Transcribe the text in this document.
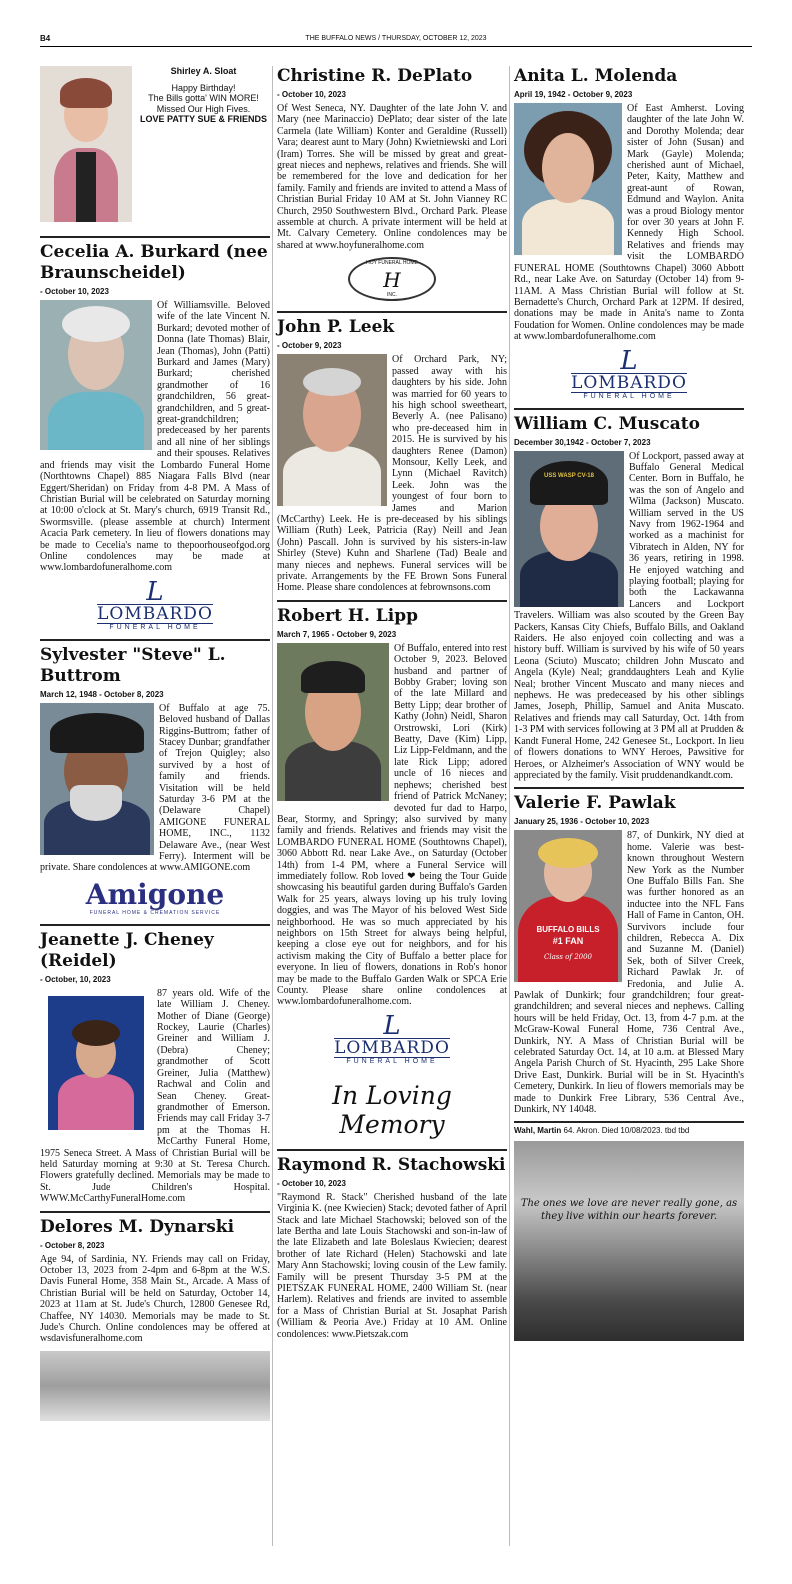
B4	THE BUFFALO NEWS / THURSDAY, OCTOBER 12, 2023
Shirley A. Sloat
Happy Birthday!
The Bills gotta' WIN MORE!
Missed Our High Fives.
LOVE PATTY SUE & FRIENDS
Cecelia A. Burkard (nee Braunscheidel)
- October 10, 2023

Of Williamsville. Beloved wife of the late Vincent N. Burkard; devoted mother of Donna (late Thomas) Blair, Jean (Thomas), John (Patti) Burkard and James (Mary) Burkard; cherished grandmother of 16 grandchildren, 56 great-grandchildren, and 5 great-great-grandchildren; predeceased by her parents and all nine of her siblings and their spouses. Relatives and friends may visit the Lombardo Funeral Home (Northtowns Chapel) 885 Niagara Falls Blvd (near Eggert/Sheridan) on Friday from 4-8 PM. A Mass of Christian Burial will be celebrated on Saturday morning at 10:00 o'clock at St. Mary's church, 6919 Transit Rd., Swormsville. (please assemble at church) Interment Acacia Park cemetery. In lieu of flowers donations may be made to Cecelia's name to thepoorhouseofgod.org Online condolences may be made at www.lombardofuneralhome.com

L
LOMBARDO
FUNERAL HOME
Sylvester "Steve" L. Buttrom
March 12, 1948 - October 8, 2023

Of Buffalo at age 75. Beloved husband of Dallas Riggins-Buttrom; father of Stacey Dunbar; grandfather of Trejon Quigley; also survived by a host of family and friends. Visitation will be held Saturday 3-6 PM at the (Delaware Chapel) AMIGONE FUNERAL HOME, INC., 1132 Delaware Ave., (near West Ferry). Interment will be private. Share condolences at www.AMIGONE.com

Amigone
FUNERAL HOME & CREMATION SERVICE
Jeanette J. Cheney (Reidel)
- October, 10, 2023

87 years old. Wife of the late William J. Cheney. Mother of Diane (George) Rockey, Laurie (Charles) Greiner and William J. (Debra) Cheney; grandmother of Scott Greiner, Julia (Matthew) Rachwal and Colin and Sean Cheney. Great-grandmother of Emerson. Friends may call Friday 3-7 pm at the Thomas H. McCarthy Funeral Home, 1975 Seneca Street. A Mass of Christian Burial will be held Saturday morning at 9:30 at St. Teresa Church. Flowers gratefully declined. Memorials may be made to St. Jude Children's Hospital. WWW.McCarthyFuneralHome.com

Delores M. Dynarski
- October 8, 2023

Age 94, of Sardinia, NY. Friends may call on Friday, October 13, 2023 from 2-4pm and 6-8pm at the W.S. Davis Funeral Home, 358 Main St., Arcade. A Mass of Christian Burial will be held on Saturday, October 14, 2023 at 11am at St. Jude's Church, 12800 Genesee Rd, Chaffee, NY 14030. Memorials may be made to St. Jude's Church. Online condolences may be offered at wsdavisfuneralhome.com

Christine R. DePlato
- October 10, 2023

Of West Seneca, NY. Daughter of the late John V. and Mary (nee Marinaccio) DePlato; dear sister of the late Carmela (late William) Konter and Geraldine (Russell) Vara; dearest aunt to Mary (John) Kwietniewski and Lori (Iram) Torres. She will be missed by great and great-great nieces and nephews, relatives and friends. She will be remembered for the love and dedication for her family. Family and friends are invited to attend a Mass of Christian Burial Friday 10 AM at St. John Vianney RC Church, 2950 Southwestern Blvd., Orchard Park. Please assemble at church. A private interment will be held at Mt. Calvary Cemetery. Online condolences may be shared at www.hoyfuneralhome.com

HOY FUNERAL HOME
H
INC.
John P. Leek
- October 9, 2023

Of Orchard Park, NY; passed away with his daughters by his side. John was married for 60 years to his high school sweetheart, Beverly A. (nee Palisano) who pre-deceased him in 2015. He is survived by his daughters Renee (Damon) Monsour, Kelly Leek, and Lynn (Michael Ravitch) Leek. John was the youngest of four born to James and Marion (McCarthy) Leek. He is pre-deceased by his siblings William (Ruth) Leek, Patricia (Ray) Neill and Jean (John) Pascall. John is survived by his sisters-in-law Shirley (Steve) Kuhn and Sharlene (Tad) Beale and many nieces and nephews. Funeral services will be private. Arrangements by the FE Brown Sons Funeral Home. Please share condolences at febrownsons.com

Robert H. Lipp
March 7, 1965 - October 9, 2023

Of Buffalo, entered into rest October 9, 2023. Beloved husband and partner of Bobby Graber; loving son of the late Millard and Betty Lipp; dear brother of Kathy (John) Neidl, Sharon Orstrowski, Lori (Kirk) Beatty, Dave (Kim) Lipp, Liz Lipp-Feldmann, and the late Rick Lipp; adored uncle of 16 nieces and nephews; cherished best friend of Patrick McNaney; devoted fur dad to Harpo, Bear, Stormy, and Springy; also survived by many family and friends. Relatives and friends may visit the LOMBARDO FUNERAL HOME (Southtowns Chapel), 3060 Abbott Rd. near Lake Ave., on Saturday (October 14th) from 1-4 PM, where a Funeral Service will immediately follow. Rob loved ❤ being the Tour Guide showcasing his beautiful garden during Buffalo's Garden Walk for 25 years, always loving up his truly loving doggies, and was The Mayor of his beloved West Side neighborhood. He was so much appreciated by his neighbors on 15th Street for always being helpful, keeping a close eye out for neighbors, and for his activism making the City of Buffalo a better place for everyone. In lieu of flowers, donations in Rob's honor may be made to the Buffalo Garden Walk or SPCA Erie County. Please share online condolences at www.lombardofuneralhome.com.

L
LOMBARDO
FUNERAL HOME
In Loving Memory
Raymond R. Stachowski
- October 10, 2023

"Raymond R. Stack" Cherished husband of the late Virginia K. (nee Kwiecien) Stack; devoted father of April Stack and late Michael Stachowski; beloved son of the late Bertha and late Louis Stachowski and son-in-law of the late Elizabeth and late Boleslaus Kwiecien; dearest brother of late Richard (Helen) Stachowski and late Mary Ann Stachowski; loving cousin of the Lew family. Family will be present Thursday 3-5 PM at the PIETSZAK FUNERAL HOME, 2400 William St. (near Harlem). Relatives and friends are invited to assemble for a Mass of Christian Burial at St. Josaphat Parish (William & Peoria Ave.) Friday at 10 AM. Online condolences: www.Pietszak.com

Anita L. Molenda
April 19, 1942 - October 9, 2023

Of East Amherst. Loving daughter of the late John W. and Dorothy Molenda; dear sister of John (Susan) and Mark (Gayle) Molenda; cherished aunt of Michael, Peter, Kaity, Matthew and great-aunt of Rowan, Edmund and Waylon. Anita was a proud Biology mentor for over 30 years at John F. Kennedy High School. Relatives and friends may visit the LOMBARDO FUNERAL HOME (Southtowns Chapel) 3060 Abbott Rd., near Lake Ave. on Saturday (October 14) from 9-11AM. A Mass Christian Burial will follow at St. Bernadette's Church, Orchard Park at 12PM. If desired, donations may be made in Anita's name to Zonta Foudation for Women. Online condolences may be made at www.lombardofuneralhome.com

L
LOMBARDO
FUNERAL HOME
William C. Muscato
December 30,1942 - October 7, 2023

USS WASP CV-18
Of Lockport, passed away at Buffalo General Medical Center. Born in Buffalo, he was the son of Angelo and Wilma (Jackson) Muscato. William served in the US Navy from 1962-1964 and worked as a machinist for Vibratech in Alden, NY for 36 years, retiring in 1998. He enjoyed watching and playing football; playing for both the Lackawanna Lancers and Lockport Travelers. William was also scouted by the Green Bay Packers, Kansas City Chiefs, Buffalo Bills, and Oakland Raiders. He also enjoyed coin collecting and was a history buff. William is survived by his wife of 50 years Leona (Sciuto) Muscato; children John Muscato and Angela (Kyle) Neal; granddaughters Leah and Kylie Neal; brother Vincent Muscato and many nieces and nephews. He was predeceased by his other siblings James, Joseph, Phillip, Samuel and Anita Muscato. Relatives and friends may call Saturday, Oct. 14th from 1-3 PM with services following at 3 PM all at Prudden & Kandt Funeral Home, 242 Genesee St., Lockport. In lieu of flowers donations to WNY Heroes, Pawsitive for Heroes, or Alzheimer's Association of WNY would be appreciated by the family. Visit pruddenandkandt.com.

Valerie F. Pawlak
January 25, 1936 - October 10, 2023

BUFFALO BILLS
#1 FAN
Class of 2000
87, of Dunkirk, NY died at home. Valerie was best-known throughout Western New York as the Number One Buffalo Bills Fan. She was further honored as an inductee into the NFL Fans Hall of Fame in Canton, OH. Survivors include four children, Rebecca A. Dix and Suzanne M. (Daniel) Sek, both of Silver Creek, Richard Pawlak Jr. of Fredonia, and Julie A. Pawlak of Dunkirk; four grandchildren; four great-grandchildren; and several nieces and nephews. Calling hours will be held Friday, Oct. 13, from 4-7 p.m. at the McGraw-Kowal Funeral Home, 736 Central Ave., Dunkirk, NY. A Mass of Christian Burial will be celebrated Saturday Oct. 14, at 10 a.m. at Blessed Mary Angela Parish Church of St. Hyacinth, 295 Lake Shore Drive East, Dunkirk. Burial will be in St. Hyacinth's Cemetery, Dunkirk. In lieu of flowers memorials may be made to Dunkirk Free Library, 536 Central Ave., Dunkirk, NY 14048.

Wahl, Martin 64. Akron. Died 10/08/2023. tbd tbd
The ones we love are never really gone, as they live within our hearts forever.
